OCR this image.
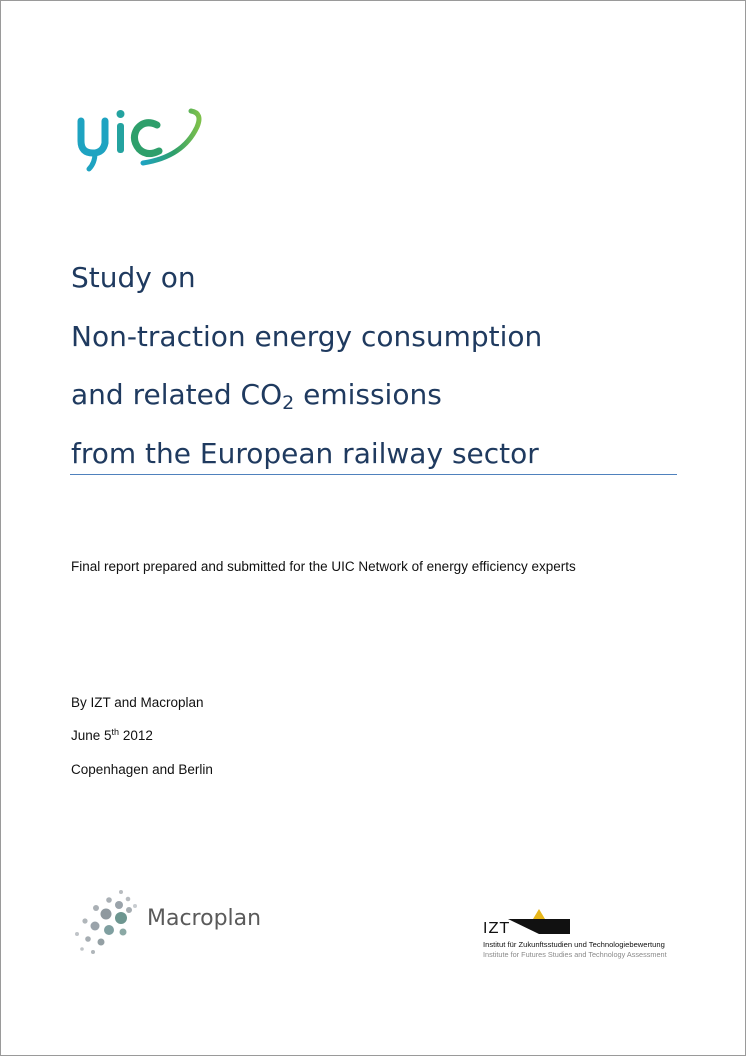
Study on
Non-traction energy consumption
and related $CO_2$ emissions
from the European railway sector
Final report prepared and submitted for the UIC Network of energy efficiency experts
By IZT and Macroplan
June 5th 2012
Copenhagen and Berlin
Macroplan	IZT
Institut für Zukunftsstudien und Technologiebewertung
Institute for Futures Studies and Technology Assessment
